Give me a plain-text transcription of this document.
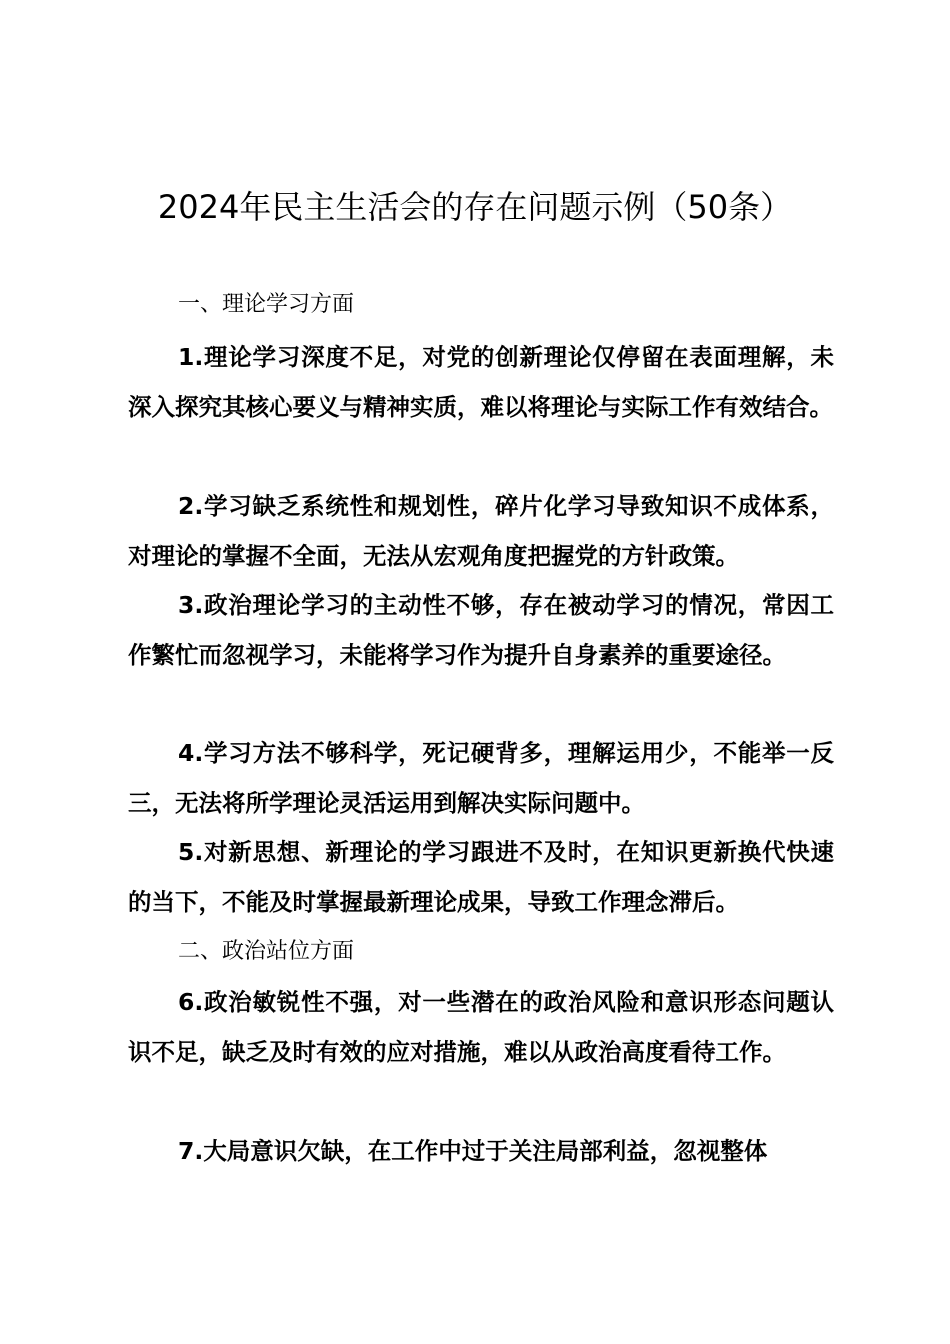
2024年民主生活会的存在问题示例（50条）

一、理论学习方面

1.理论学习深度不足，对党的创新理论仅停留在表面理解，未深入探究其核心要义与精神实质，难以将理论与实际工作有效结合。

2.学习缺乏系统性和规划性，碎片化学习导致知识不成体系，对理论的掌握不全面，无法从宏观角度把握党的方针政策。

3.政治理论学习的主动性不够，存在被动学习的情况，常因工作繁忙而忽视学习，未能将学习作为提升自身素养的重要途径。

4.学习方法不够科学，死记硬背多，理解运用少，不能举一反三，无法将所学理论灵活运用到解决实际问题中。

5.对新思想、新理论的学习跟进不及时，在知识更新换代快速的当下，不能及时掌握最新理论成果，导致工作理念滞后。

二、政治站位方面

6.政治敏锐性不强，对一些潜在的政治风险和意识形态问题认识不足，缺乏及时有效的应对措施，难以从政治高度看待工作。

7.大局意识欠缺，在工作中过于关注局部利益，忽视整体
